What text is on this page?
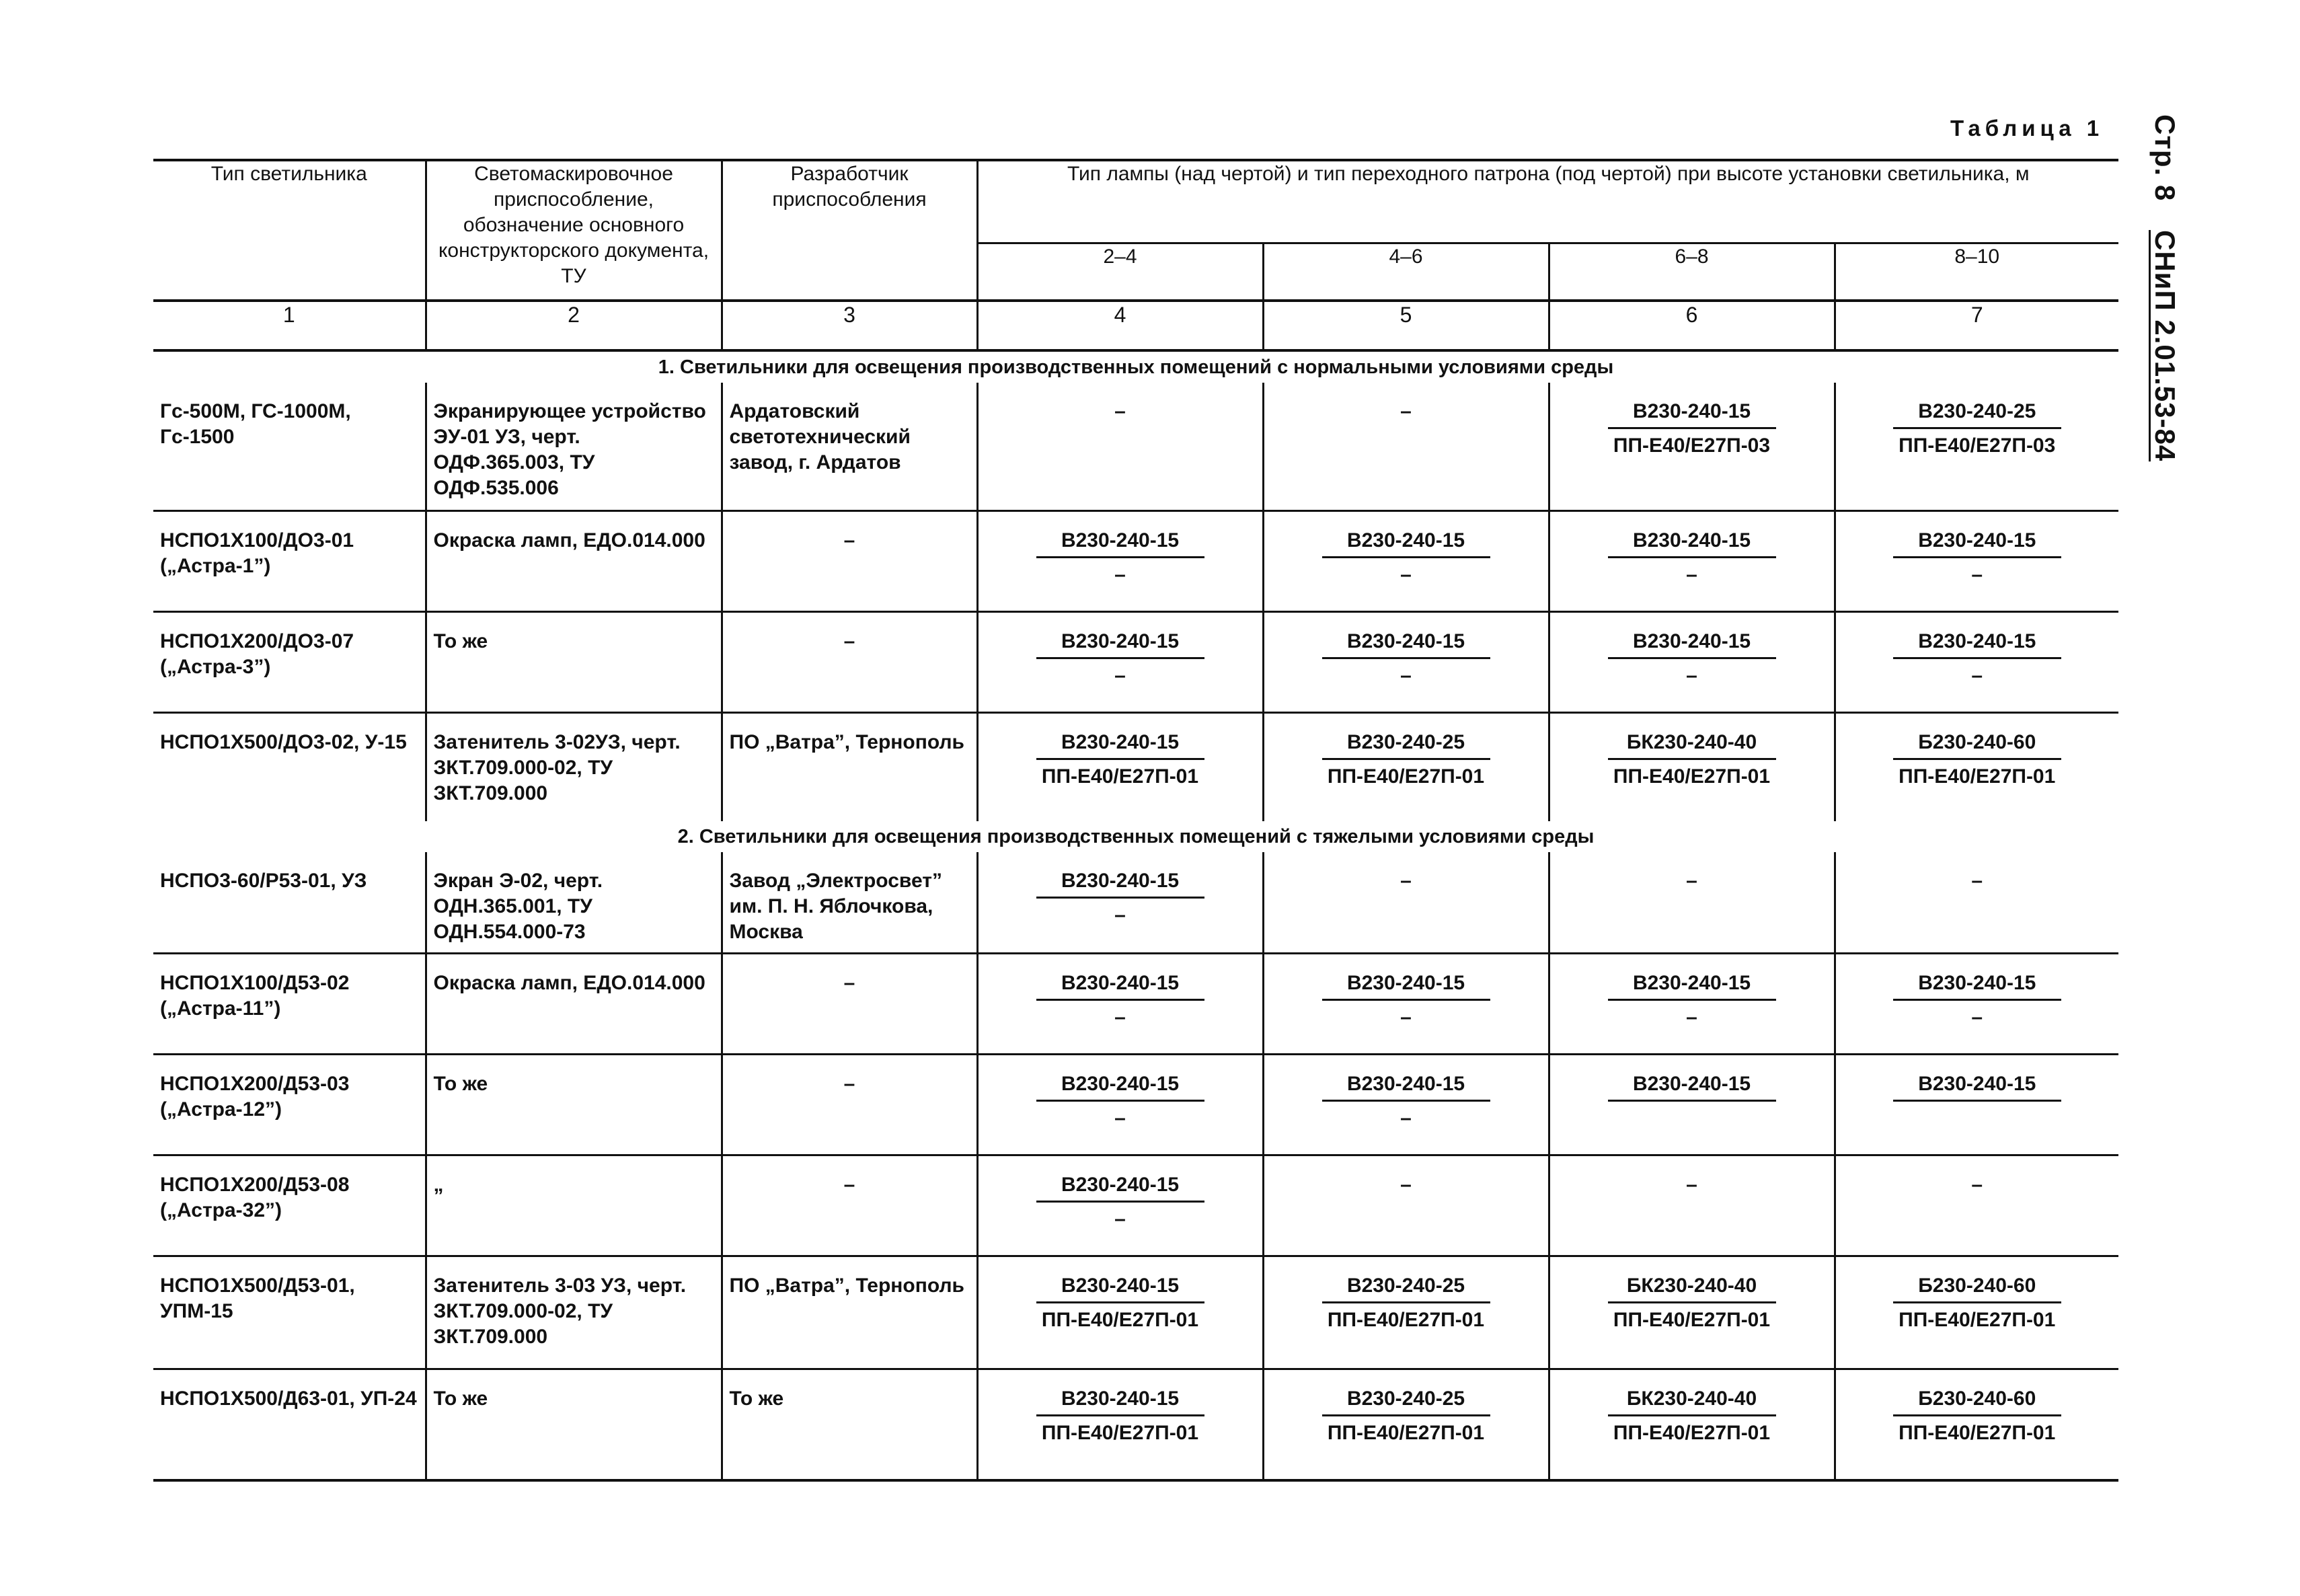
Таблица 1 Стр. 8 СНиП 2.01.53-84
Тип светильника	Светомаскировочное приспособление, обозначение основного конструкторского документа, ТУ	Разработчик приспособления	Тип лампы (над чертой) и тип переходного патрона (под чертой) при высоте установки светильника, м			
			2–4	4–6	6–8	8–10
1	2	3	4	5	6	7
1. Светильники для освещения производственных помещений с нормальными условиями среды						
Гс-500М, ГС-1000М, Гс-1500	Экранирующее устройство ЭУ-01 УЗ, черт. ОДФ.365.003, ТУ ОДФ.535.006	Ардатовский светотехнический завод, г. Ардатов	–	–	$\frac{В230-240-15}{ПП-Е40/Е27П-03}$	$\frac{В230-240-25}{ПП-Е40/Е27П-03}$

НСПО1Х100/ДО3-01 („Астра-1”)	Окраска ламп, ЕДО.014.000	–	$\frac{В230-240-15}{-}$	$\frac{В230-240-15}{-}$	$\frac{В230-240-15}{-}$	$\frac{В230-240-15}{-}$

НСПО1Х200/ДО3-07 („Астра-3”)	То же	–	$\frac{В230-240-15}{-}$	$\frac{В230-240-15}{-}$	$\frac{В230-240-15}{-}$	$\frac{В230-240-15}{-}$

НСПО1Х500/ДО3-02, У-15	Затенитель 3-02УЗ, черт. ЗКТ.709.000-02, ТУ ЗКТ.709.000	ПО „Ватра”, Тернополь	$\frac{В230-240-15}{ПП-Е40/Е27П-01}$	$\frac{В230-240-25}{ПП-Е40/Е27П-01}$	$\frac{БК230-240-40}{ПП-Е40/Е27П-01}$	$\frac{Б230-240-60}{ПП-Е40/Е27П-01}$

2. Светильники для освещения производственных помещений с тяжелыми условиями среды						
НСПО3-60/Р53-01, УЗ	Экран Э-02, черт. ОДН.365.001, ТУ ОДН.554.000-73	Завод „Электросвет” им. П. Н. Яблочкова, Москва	$\frac{В230-240-15}{-}$	–	–	–
НСПО1Х100/Д53-02 („Астра-11”)	Окраска ламп, ЕДО.014.000	–	$\frac{В230-240-15}{-}$	$\frac{В230-240-15}{-}$	$\frac{В230-240-15}{-}$	$\frac{В230-240-15}{-}$

НСПО1Х200/Д53-03 („Астра-12”)	То же	–	$\frac{В230-240-15}{-}$	$\frac{В230-240-15}{-}$	В230-240-15	В230-240-15

НСПО1Х200/Д53-08 („Астра-32”)	„	–	$\frac{В230-240-15}{-}$	–	–	–
НСПО1Х500/Д53-01, УПМ-15	Затенитель 3-03 УЗ, черт. ЗКТ.709.000-02, ТУ ЗКТ.709.000	ПО „Ватра”, Тернополь	$\frac{В230-240-15}{ПП-Е40/Е27П-01}$	$\frac{В230-240-25}{ПП-Е40/Е27П-01}$	$\frac{БК230-240-40}{ПП-Е40/Е27П-01}$	$\frac{Б230-240-60}{ПП-Е40/Е27П-01}$

НСПО1Х500/Д63-01, УП-24	То же	То же	$\frac{В230-240-15}{ПП-Е40/Е27П-01}$	$\frac{В230-240-25}{ПП-Е40/Е27П-01}$	$\frac{БК230-240-40}{ПП-Е40/Е27П-01}$	$\frac{Б230-240-60}{ПП-Е40/Е27П-01}$
